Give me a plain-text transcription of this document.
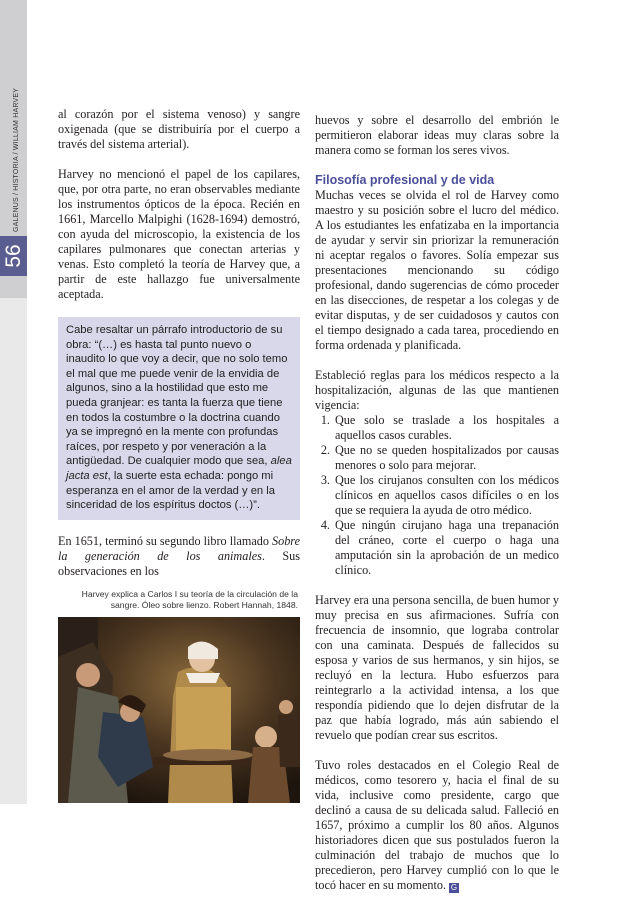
GALENUS / HISTORIA / WILLIAM HARVEY
56

al corazón por el sistema venoso) y sangre oxigenada (que se distribuiría por el cuerpo a través del sistema arterial).

Harvey no mencionó el papel de los capilares, que, por otra parte, no eran observables mediante los instrumentos ópticos de la época. Recién en 1661, Marcello Malpighi (1628-1694) demostró, con ayuda del microscopio, la existencia de los capilares pulmonares que conectan arterias y venas. Esto completó la teoría de Harvey que, a partir de este hallazgo fue universalmente aceptada.

Cabe resaltar un párrafo introductorio de su obra: “(…) es hasta tal punto nuevo o inaudito lo que voy a decir, que no solo temo el mal que me puede venir de la envidia de algunos, sino a la hostilidad que esto me pueda granjear: es tanta la fuerza que tiene en todos la costumbre o la doctrina cuando ya se impregnó en la mente con profundas raíces, por respeto y por veneración a la antigüedad. De cualquier modo que sea, alea jacta est, la suerte esta echada: pongo mi esperanza en el amor de la verdad y en la sinceridad de los espíritus doctos (…)”.

En 1651, terminó su segundo libro llamado Sobre la generación de los animales. Sus observaciones en los

Harvey explica a Carlos I su teoría de la circulación de la sangre. Óleo sobre lienzo. Robert Hannah, 1848.

huevos y sobre el desarrollo del embrión le permitieron elaborar ideas muy claras sobre la manera como se forman los seres vivos.

Filosofía profesional y de vida

Muchas veces se olvida el rol de Harvey como maestro y su posición sobre el lucro del médico. A los estudiantes les enfatizaba en la importancia de ayudar y servir sin priorizar la remuneración ni aceptar regalos o favores. Solía empezar sus presentaciones mencionando su código profesional, dando sugerencias de cómo proceder en las disecciones, de respetar a los colegas y de evitar disputas, y de ser cuidadosos y cautos con el tiempo designado a cada tarea, procediendo en forma ordenada y planificada.

Estableció reglas para los médicos respecto a la hospitalización, algunas de las que mantienen vigencia:

1. Que solo se traslade a los hospitales a aquellos casos curables.
2. Que no se queden hospitalizados por causas menores o solo para mejorar.
3. Que los cirujanos consulten con los médicos clínicos en aquellos casos difíciles o en los que se requiera la ayuda de otro médico.
4. Que ningún cirujano haga una trepanación del cráneo, corte el cuerpo o haga una amputación sin la aprobación de un medico clínico.

Harvey era una persona sencilla, de buen humor y muy precisa en sus afirmaciones. Sufría con frecuencia de insomnio, que lograba controlar con una caminata. Después de fallecidos su esposa y varios de sus hermanos, y sin hijos, se recluyó en la lectura. Hubo esfuerzos para reintegrarlo a la actividad intensa, a los que respondía pidiendo que lo dejen disfrutar de la paz que había logrado, más aún sabiendo el revuelo que podían crear sus escritos.

Tuvo roles destacados en el Colegio Real de médicos, como tesorero y, hacia el final de su vida, inclusive como presidente, cargo que declinó a causa de su delicada salud. Falleció en 1657, próximo a cumplir los 80 años. Algunos historiadores dicen que sus postulados fueron la culminación del trabajo de muchos que lo precedieron, pero Harvey cumplió con lo que le tocó hacer en su momento. G
